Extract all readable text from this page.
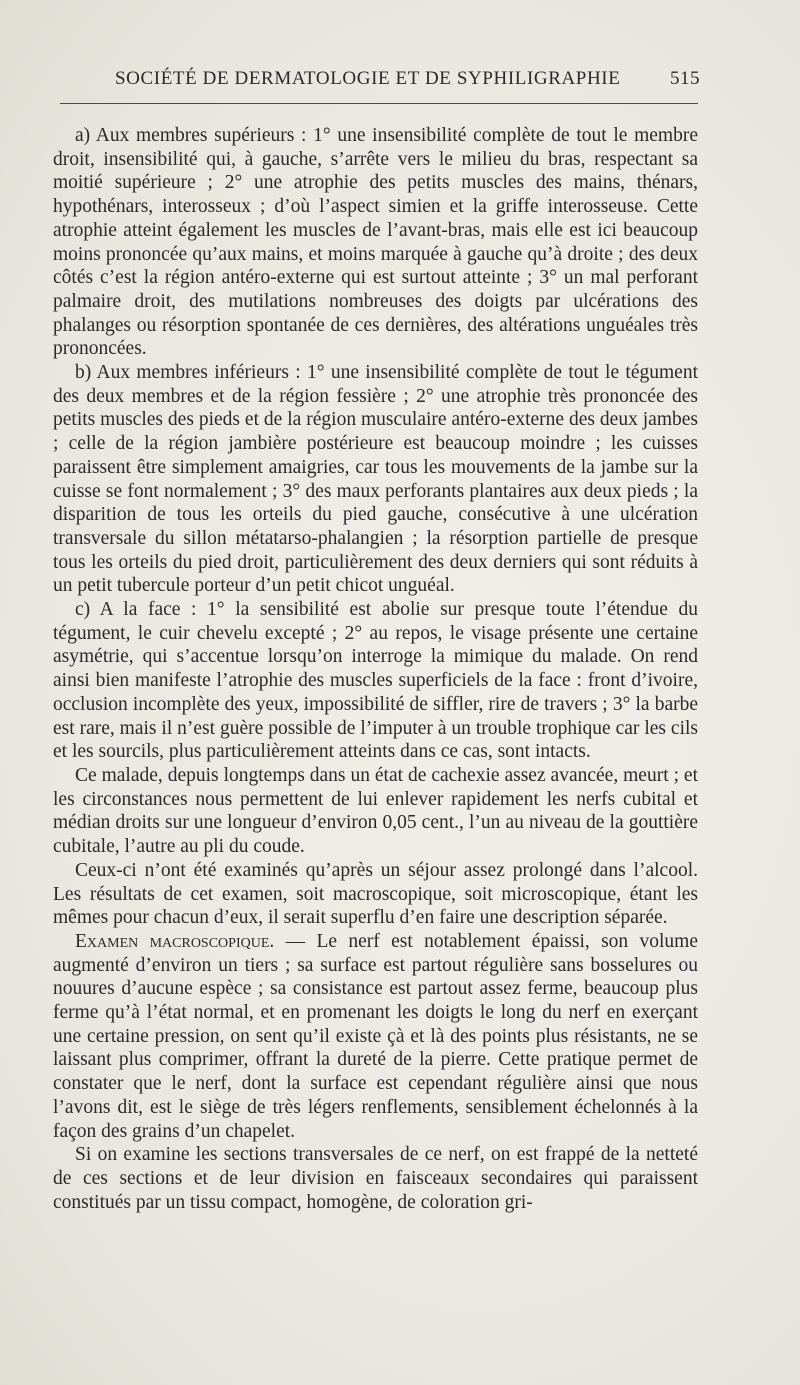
SOCIÉTÉ DE DERMATOLOGIE ET DE SYPHILIGRAPHIE	515

a) Aux membres supérieurs : 1° une insensibilité complète de tout le membre droit, insensibilité qui, à gauche, s’arrête vers le milieu du bras, respectant sa moitié supérieure ; 2° une atrophie des petits muscles des mains, thénars, hypothénars, interosseux ; d’où l’aspect simien et la griffe interosseuse. Cette atrophie atteint également les muscles de l’avant-bras, mais elle est ici beaucoup moins prononcée qu’aux mains, et moins marquée à gauche qu’à droite ; des deux côtés c’est la région antéro-externe qui est surtout atteinte ; 3° un mal perforant palmaire droit, des mutilations nombreuses des doigts par ulcérations des phalanges ou résorption spontanée de ces dernières, des altérations unguéales très prononcées.

b) Aux membres inférieurs : 1° une insensibilité complète de tout le tégument des deux membres et de la région fessière ; 2° une atrophie très prononcée des petits muscles des pieds et de la région musculaire antéro-externe des deux jambes ; celle de la région jambière postérieure est beaucoup moindre ; les cuisses paraissent être simplement amaigries, car tous les mouvements de la jambe sur la cuisse se font normalement ; 3° des maux perforants plantaires aux deux pieds ; la disparition de tous les orteils du pied gauche, consécutive à une ulcération transversale du sillon métatarso-phalangien ; la résorption partielle de presque tous les orteils du pied droit, particulièrement des deux derniers qui sont réduits à un petit tubercule porteur d’un petit chicot unguéal.

c) A la face : 1° la sensibilité est abolie sur presque toute l’étendue du tégument, le cuir chevelu excepté ; 2° au repos, le visage présente une certaine asymétrie, qui s’accentue lorsqu’on interroge la mimique du malade. On rend ainsi bien manifeste l’atrophie des muscles superficiels de la face : front d’ivoire, occlusion incomplète des yeux, impossibilité de siffler, rire de travers ; 3° la barbe est rare, mais il n’est guère possible de l’imputer à un trouble trophique car les cils et les sourcils, plus particulièrement atteints dans ce cas, sont intacts.

Ce malade, depuis longtemps dans un état de cachexie assez avancée, meurt ; et les circonstances nous permettent de lui enlever rapidement les nerfs cubital et médian droits sur une longueur d’environ 0,05 cent., l’un au niveau de la gouttière cubitale, l’autre au pli du coude.

Ceux-ci n’ont été examinés qu’après un séjour assez prolongé dans l’alcool. Les résultats de cet examen, soit macroscopique, soit microscopique, étant les mêmes pour chacun d’eux, il serait superflu d’en faire une description séparée.

Examen macroscopique. — Le nerf est notablement épaissi, son volume augmenté d’environ un tiers ; sa surface est partout régulière sans bosselures ou nouures d’aucune espèce ; sa consistance est partout assez ferme, beaucoup plus ferme qu’à l’état normal, et en promenant les doigts le long du nerf en exerçant une certaine pression, on sent qu’il existe çà et là des points plus résistants, ne se laissant plus comprimer, offrant la dureté de la pierre. Cette pratique permet de constater que le nerf, dont la surface est cependant régulière ainsi que nous l’avons dit, est le siège de très légers renflements, sensiblement échelonnés à la façon des grains d’un chapelet.

Si on examine les sections transversales de ce nerf, on est frappé de la netteté de ces sections et de leur division en faisceaux secondaires qui paraissent constitués par un tissu compact, homogène, de coloration gri-
